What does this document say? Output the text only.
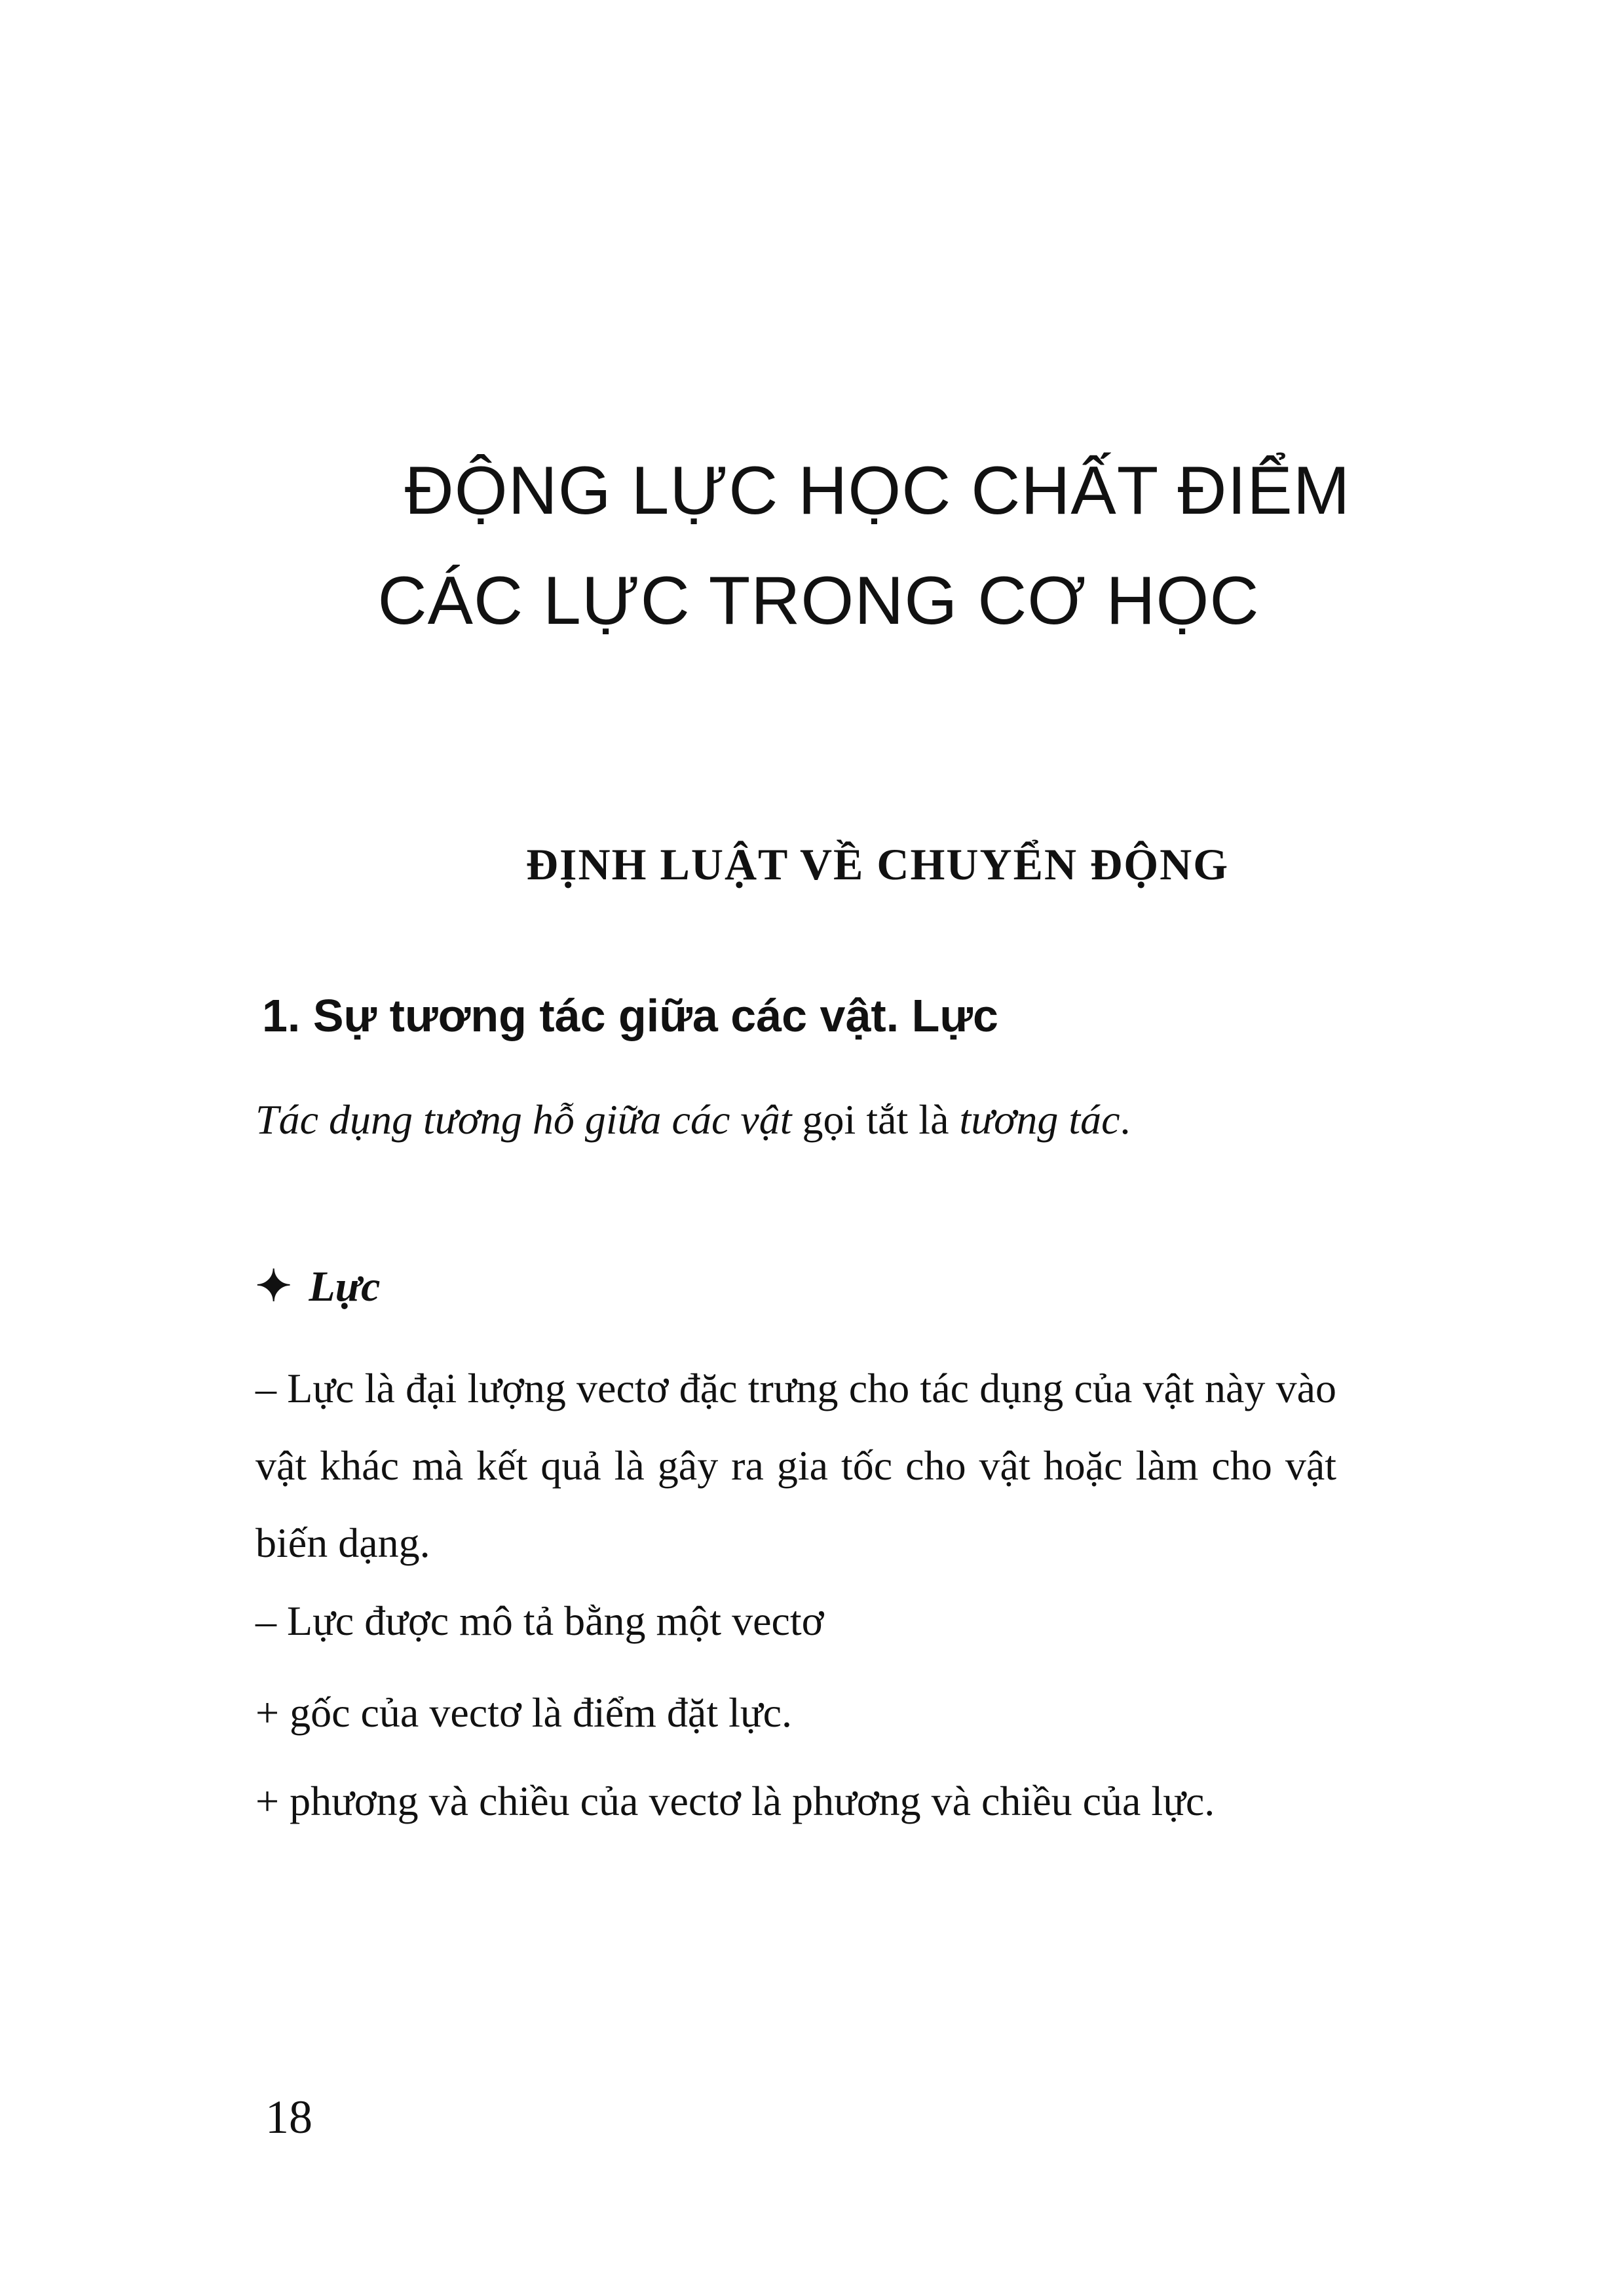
ĐỘNG LỰC HỌC CHẤT ĐIỂM
CÁC LỰC TRONG CƠ HỌC
ĐỊNH LUẬT VỀ CHUYỂN ĐỘNG
1. Sự tương tác giữa các vật. Lực

Tác dụng tương hỗ giữa các vật gọi tắt là tương tác.

✦ Lực

– Lực là đại lượng vectơ đặc trưng cho tác dụng của vật này vào vật khác mà kết quả là gây ra gia tốc cho vật hoặc làm cho vật biến dạng.

– Lực được mô tả bằng một vectơ

+ gốc của vectơ là điểm đặt lực.

+ phương và chiều của vectơ là phương và chiều của lực.

18
